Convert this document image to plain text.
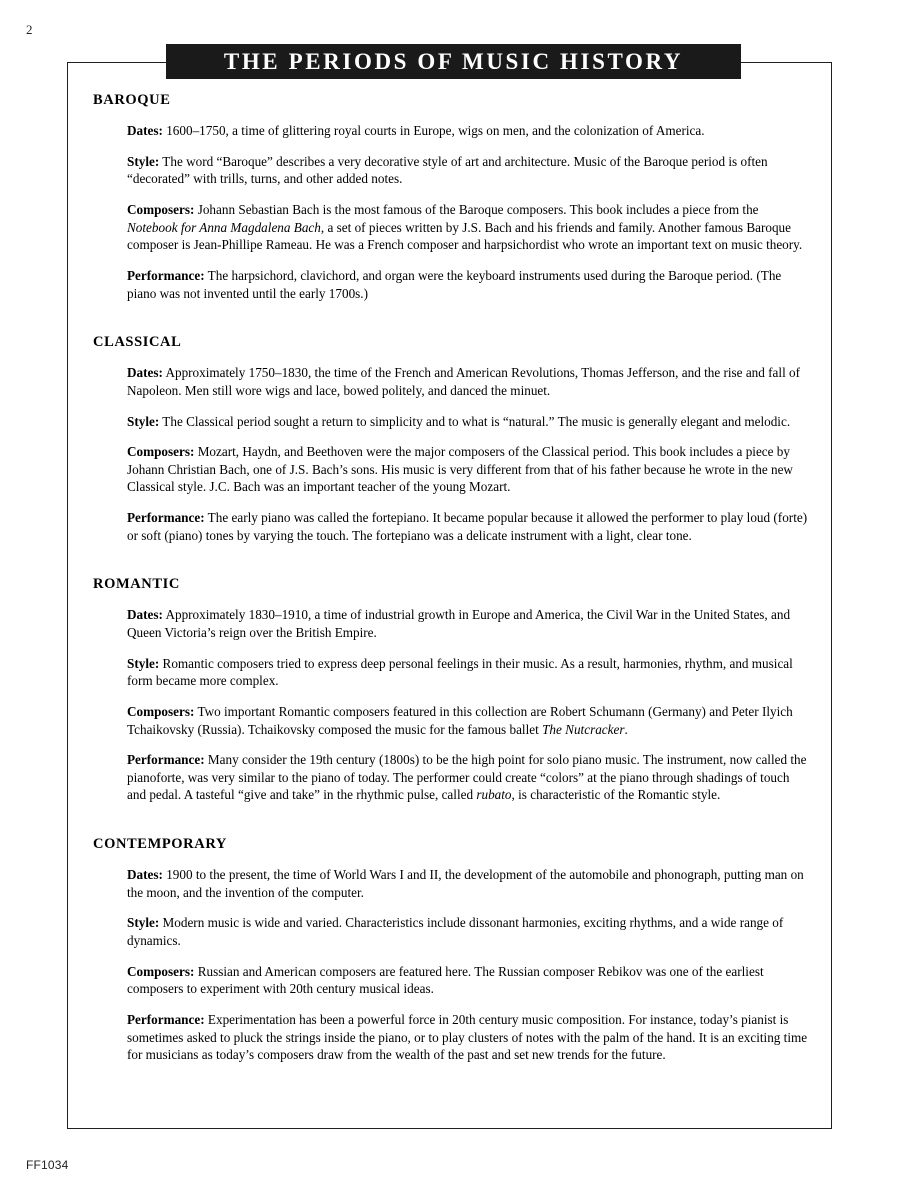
2
THE PERIODS OF MUSIC HISTORY
BAROQUE

Dates: 1600–1750, a time of glittering royal courts in Europe, wigs on men, and the colonization of America.

Style: The word “Baroque” describes a very decorative style of art and architecture. Music of the Baroque period is often “decorated” with trills, turns, and other added notes.

Composers: Johann Sebastian Bach is the most famous of the Baroque composers. This book includes a piece from the Notebook for Anna Magdalena Bach, a set of pieces written by J.S. Bach and his friends and family. Another famous Baroque composer is Jean-Phillipe Rameau. He was a French composer and harpsichordist who wrote an important text on music theory.

Performance: The harpsichord, clavichord, and organ were the keyboard instruments used during the Baroque period. (The piano was not invented until the early 1700s.)

CLASSICAL

Dates: Approximately 1750–1830, the time of the French and American Revolutions, Thomas Jefferson, and the rise and fall of Napoleon. Men still wore wigs and lace, bowed politely, and danced the minuet.

Style: The Classical period sought a return to simplicity and to what is “natural.” The music is generally elegant and melodic.

Composers: Mozart, Haydn, and Beethoven were the major composers of the Classical period. This book includes a piece by Johann Christian Bach, one of J.S. Bach’s sons. His music is very different from that of his father because he wrote in the new Classical style. J.C. Bach was an important teacher of the young Mozart.

Performance: The early piano was called the fortepiano. It became popular because it allowed the performer to play loud (forte) or soft (piano) tones by varying the touch. The fortepiano was a delicate instrument with a light, clear tone.

ROMANTIC

Dates: Approximately 1830–1910, a time of industrial growth in Europe and America, the Civil War in the United States, and Queen Victoria’s reign over the British Empire.

Style: Romantic composers tried to express deep personal feelings in their music. As a result, harmonies, rhythm, and musical form became more complex.

Composers: Two important Romantic composers featured in this collection are Robert Schumann (Germany) and Peter Ilyich Tchaikovsky (Russia). Tchaikovsky composed the music for the famous ballet The Nutcracker.

Performance: Many consider the 19th century (1800s) to be the high point for solo piano music. The instrument, now called the pianoforte, was very similar to the piano of today. The performer could create “colors” at the piano through shadings of touch and pedal. A tasteful “give and take” in the rhythmic pulse, called rubato, is characteristic of the Romantic style.

CONTEMPORARY

Dates: 1900 to the present, the time of World Wars I and II, the development of the automobile and phonograph, putting man on the moon, and the invention of the computer.

Style: Modern music is wide and varied. Characteristics include dissonant harmonies, exciting rhythms, and a wide range of dynamics.

Composers: Russian and American composers are featured here. The Russian composer Rebikov was one of the earliest composers to experiment with 20th century musical ideas.

Performance: Experimentation has been a powerful force in 20th century music composition. For instance, today’s pianist is sometimes asked to pluck the strings inside the piano, or to play clusters of notes with the palm of the hand. It is an exciting time for musicians as today’s composers draw from the wealth of the past and set new trends for the future.

FF1034
